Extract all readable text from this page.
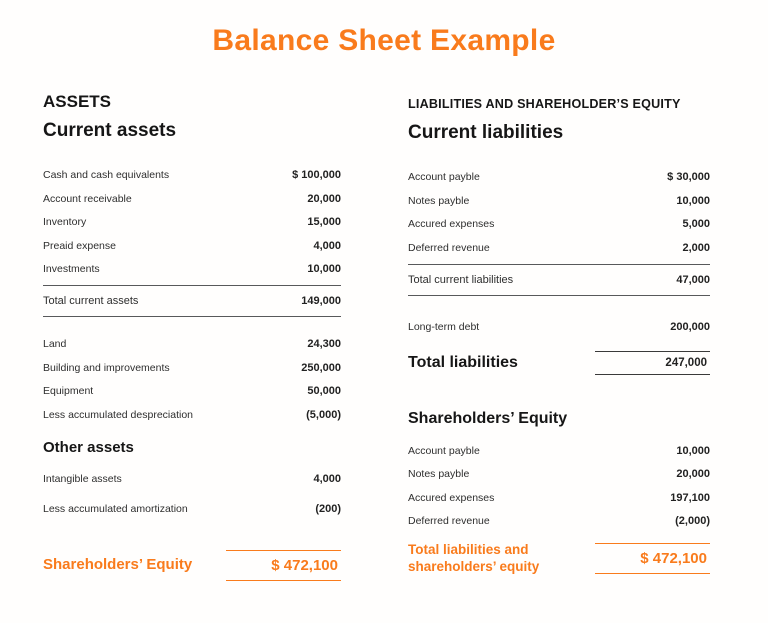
Balance Sheet Example
ASSETS
Current assets
Cash and cash equivalents	$ 100,000
Account receivable	20,000
Inventory	15,000
Preaid expense	4,000
Investments	10,000
Total current assets	149,000
Land	24,300
Building and improvements	250,000
Equipment	50,000
Less accumulated despreciation	(5,000)
Other assets
Intangible assets	4,000
Less accumulated amortization	(200)
Shareholders’ Equity	$ 472,100
LIABILITIES AND SHAREHOLDER’S EQUITY
Current liabilities
Account payble	$ 30,000
Notes payble	10,000
Accured expenses	5,000
Deferred revenue	2,000
Total current liabilities	47,000
Long-term debt	200,000
Total liabilities	247,000
Shareholders’ Equity
Account payble	10,000
Notes payble	20,000
Accured expenses	197,100
Deferred revenue	(2,000)
Total liabilities and shareholders’ equity	$ 472,100
